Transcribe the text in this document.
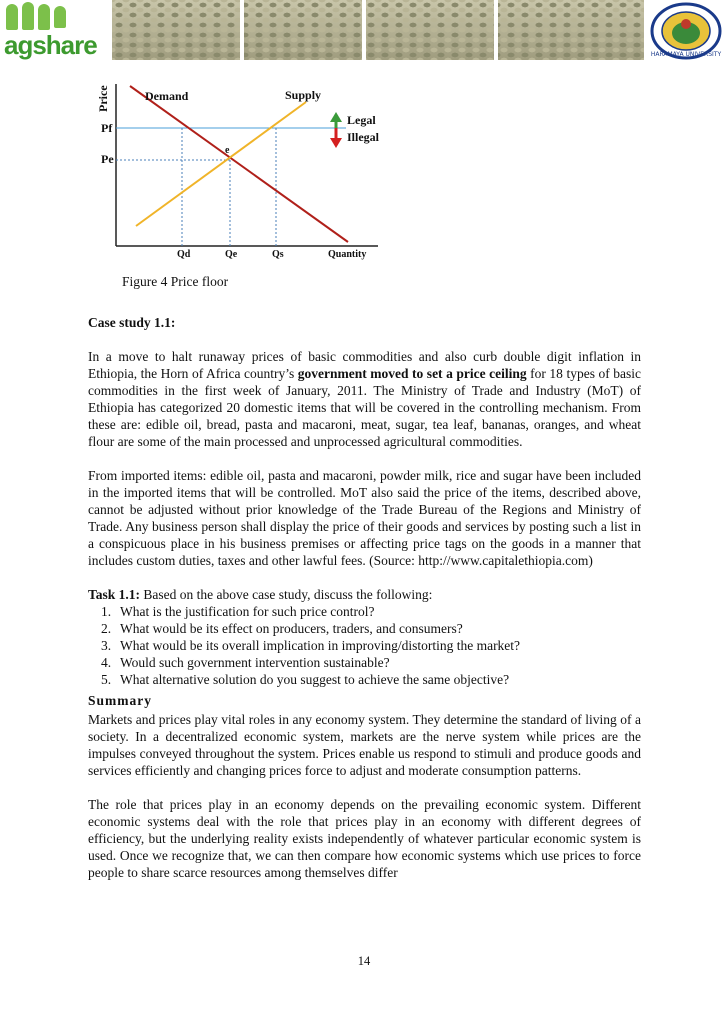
agshare	HARAMAYA UNIVERSITY
Price	Demand	Supply
Pf
Pe
e
Legal
Illegal
Qd	Qe	Qs	Quantity
Figure 4 Price floor
Case study 1.1:

In a move to halt runaway prices of basic commodities and also curb double digit inflation in Ethiopia, the Horn of Africa country’s government moved to set a price ceiling for 18 types of basic commodities in the first week of January, 2011. The Ministry of Trade and Industry (MoT) of Ethiopia has categorized 20 domestic items that will be covered in the controlling mechanism. From these are: edible oil, bread, pasta and macaroni, meat, sugar, tea leaf, bananas, oranges, and wheat flour are some of the main processed and unprocessed agricultural commodities.

From imported items: edible oil, pasta and macaroni, powder milk, rice and sugar have been included in the imported items that will be controlled. MoT also said the price of the items, described above, cannot be adjusted without prior knowledge of the Trade Bureau of the Regions and Ministry of Trade. Any business person shall display the price of their goods and services by posting such a list in a conspicuous place in his business premises or affecting price tags on the goods in a manner that includes custom duties, taxes and other lawful fees. (Source: http://www.capitalethiopia.com)

Task 1.1: Based on the above case study, discuss the following:

1. What is the justification for such price control?
2. What would be its effect on producers, traders, and consumers?
3. What would be its overall implication in improving/distorting the market?
4. Would such government intervention sustainable?
5. What alternative solution do you suggest to achieve the same objective?
Summary

Markets and prices play vital roles in any economy system. They determine the standard of living of a society. In a decentralized economic system, markets are the nerve system while prices are the impulses conveyed throughout the system. Prices enable us respond to stimuli and produce goods and services efficiently and changing prices force to adjust and moderate consumption patterns.

The role that prices play in an economy depends on the prevailing economic system. Different economic systems deal with the role that prices play in an economy with different degrees of efficiency, but the underlying reality exists independently of whatever particular economic system is used. Once we recognize that, we can then compare how economic systems which use prices to force people to share scarce resources among themselves differ

14
